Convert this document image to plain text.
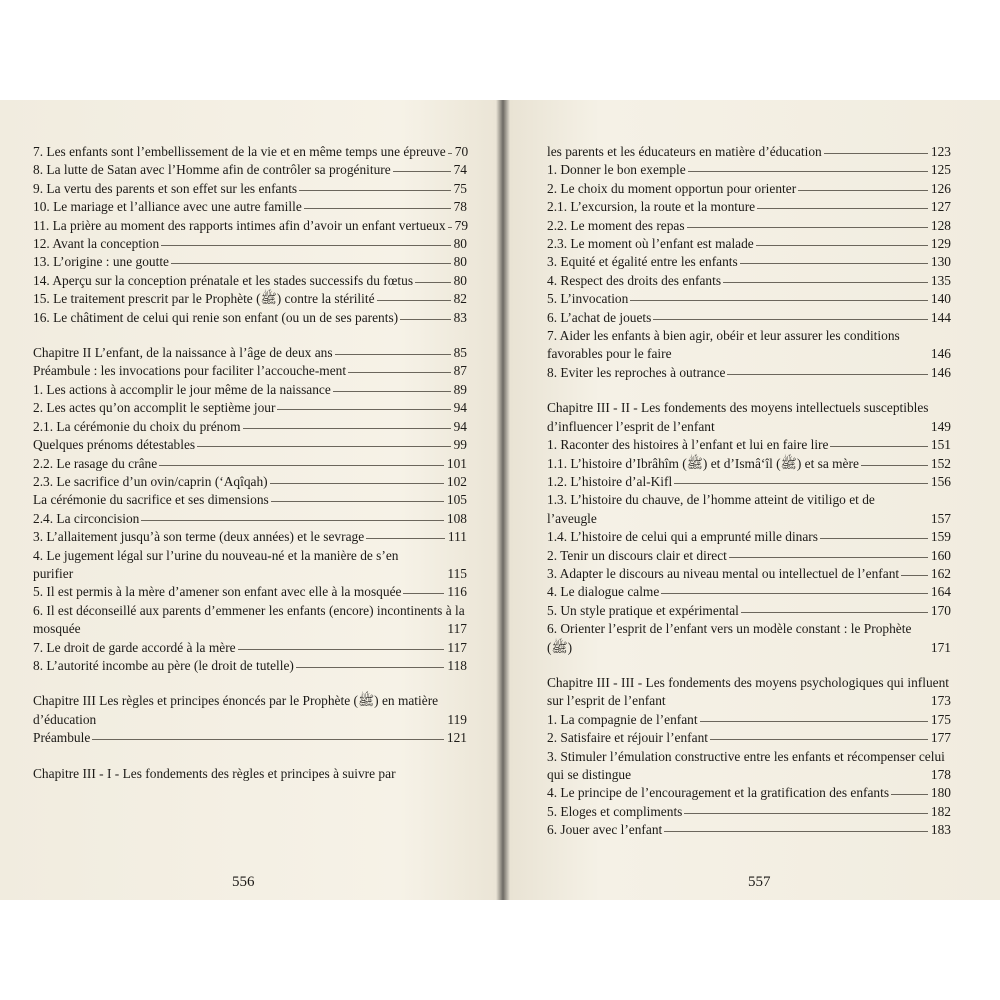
7. Les enfants sont l’embellissement de la vie et en même temps une épreuve 70
8. La lutte de Satan avec l’Homme afin de contrôler sa progéniture	74
9. La vertu des parents et son effet sur les enfants	75
10. Le mariage et l’alliance avec une autre famille	78
11. La prière au moment des rapports intimes afin d’avoir un enfant vertueux 79
12. Avant la conception	80
13. L’origine : une goutte	80
14. Aperçu sur la conception prénatale et les stades successifs du fœtus	80
15. Le traitement prescrit par le Prophète (ﷺ) contre la stérilité	82
16. Le châtiment de celui qui renie son enfant (ou un de ses parents)	83
Chapitre II L’enfant, de la naissance à l’âge de deux ans	85
Préambule : les invocations pour faciliter l’accouche-ment	87
1. Les actions à accomplir le jour même de la naissance	89
2. Les actes qu’on accomplit le septième jour	94
2.1. La cérémonie du choix du prénom	94
Quelques prénoms détestables	99
2.2. Le rasage du crâne	101
2.3. Le sacrifice d’un ovin/caprin (‘Aqîqah)	102
La cérémonie du sacrifice et ses dimensions	105
2.4. La circoncision	108
3. L’allaitement jusqu’à son terme (deux années) et le sevrage	111
4. Le jugement légal sur l’urine du nouveau-né et la manière de s’en purifier	115
5. Il est permis à la mère d’amener son enfant avec elle à la mosquée	116
6. Il est déconseillé aux parents d’emmener les enfants (encore) incontinents à la mosquée	117
7. Le droit de garde accordé à la mère	117
8. L’autorité incombe au père (le droit de tutelle)	118
Chapitre III Les règles et principes énoncés par le Prophète (ﷺ) en matière d’éducation	119
Préambule	121
Chapitre III - I - Les fondements des règles et principes à suivre par
556
les parents et les éducateurs en matière d’éducation	123
1. Donner le bon exemple	125
2. Le choix du moment opportun pour orienter	126
2.1. L’excursion, la route et la monture	127
2.2. Le moment des repas	128
2.3. Le moment où l’enfant est malade	129
3. Equité et égalité entre les enfants	130
4. Respect des droits des enfants	135
5. L’invocation	140
6. L’achat de jouets	144
7. Aider les enfants à bien agir, obéir et leur assurer les conditions favorables pour le faire	146
8. Eviter les reproches à outrance	146
Chapitre III - II - Les fondements des moyens intellectuels susceptibles d’influencer l’esprit de l’enfant	149
1. Raconter des histoires à l’enfant et lui en faire lire	151
1.1. L’histoire d’Ibrâhîm (ﷺ) et d’Ismâ‘îl (ﷺ) et sa mère	152
1.2. L’histoire d’al-Kifl	156
1.3. L’histoire du chauve, de l’homme atteint de vitiligo et de l’aveugle	157
1.4. L’histoire de celui qui a emprunté mille dinars	159
2. Tenir un discours clair et direct	160
3. Adapter le discours au niveau mental ou intellectuel de l’enfant 162
4. Le dialogue calme	164
5. Un style pratique et expérimental	170
6. Orienter l’esprit de l’enfant vers un modèle constant : le Prophète (ﷺ)	171
Chapitre III - III - Les fondements des moyens psychologiques qui influent sur l’esprit de l’enfant	173
1. La compagnie de l’enfant	175
2. Satisfaire et réjouir l’enfant	177
3. Stimuler l’émulation constructive entre les enfants et récompenser celui qui se distingue	178
4. Le principe de l’encouragement et la gratification des enfants	180
5. Eloges et compliments	182
6. Jouer avec l’enfant	183
557
